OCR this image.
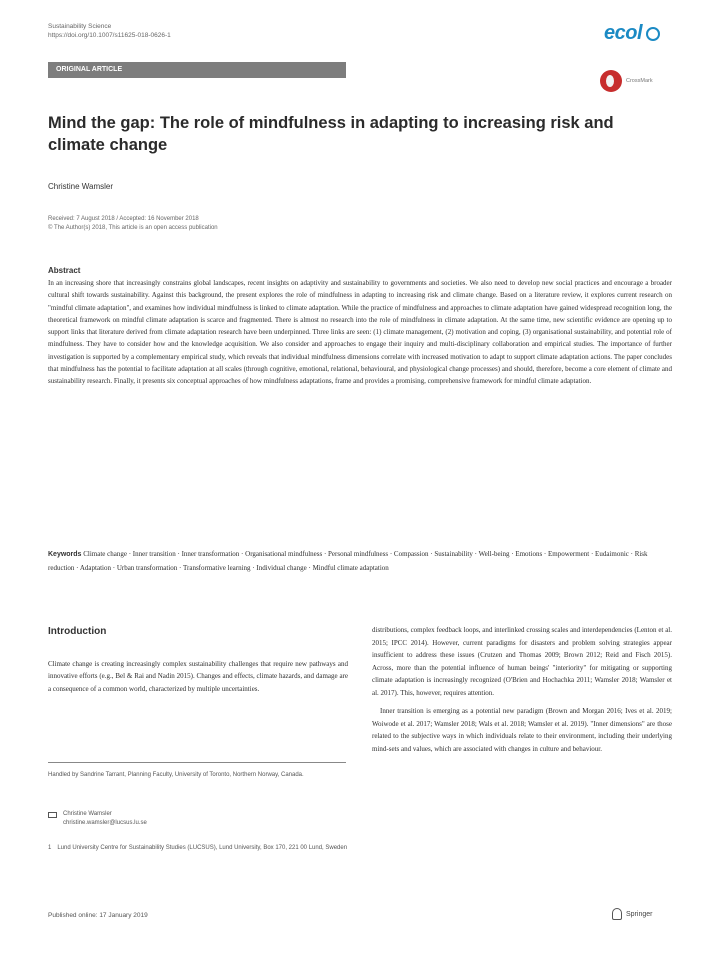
Sustainability Science
https://doi.org/10.1007/s11625-018-0626-1	ecol
ORIGINAL ARTICLE
CrossMark
Mind the gap: The role of mindfulness in adapting to increasing risk and climate change
Christine Wamsler
Received: 7 August 2018 / Accepted: 16 November 2018
© The Author(s) 2018, This article is an open access publication
Abstract
In an increasing shore that increasingly constrains global landscapes, recent insights on adaptivity and sustainability to governments and societies. We also need to develop new social practices and encourage a broader cultural shift towards sustainability. Against this background, the present explores the role of mindfulness in adapting to increasing risk and climate change. Based on a literature review, it explores current research on "mindful climate adaptation", and examines how individual mindfulness is linked to climate adaptation. While the practice of mindfulness and approaches to climate adaptation have gained widespread recognition long, the theoretical framework on mindful climate adaptation is scarce and fragmented. There is almost no research into the role of mindfulness in climate adaptation. At the same time, new scientific evidence are opening up to support links that literature derived from climate adaptation research have been underpinned. Three links are seen: (1) climate management, (2) motivation and coping, (3) organisational sustainability, and potential role of mindfulness. They have to consider how and the knowledge acquisition. We also consider and approaches to engage their inquiry and multi-disciplinary collaboration and empirical studies. The importance of further investigation is supported by a complementary empirical study, which reveals that individual mindfulness dimensions correlate with increased motivation to adapt to support climate adaptation actions. The paper concludes that mindfulness has the potential to facilitate adaptation at all scales (through cognitive, emotional, relational, behavioural, and physiological change processes) and should, therefore, become a core element of climate and sustainability research. Finally, it presents six conceptual approaches of how mindfulness adaptations, frame and provides a promising, comprehensive framework for mindful climate adaptation.
Keywords Climate change · Inner transition · Inner transformation · Organisational mindfulness · Personal mindfulness · Compassion · Sustainability · Well-being · Emotions · Empowerment · Eudaimonic · Risk reduction · Adaptation · Urban transformation · Transformative learning · Individual change · Mindful climate adaptation
Introduction
Climate change is creating increasingly complex sustainability challenges that require new pathways and innovative efforts (e.g., Bel & Rai and Nadin 2015). Changes and effects, climate hazards, and damage are a consequence of a common world, characterized by multiple uncertainties.
Handled by Sandrine Tarrant, Planning Faculty, University of Toronto, Northern Norway, Canada.
Christine Wamsler
christine.wamsler@lucsus.lu.se
1 Lund University Centre for Sustainability Studies (LUCSUS), Lund University, Box 170, 221 00 Lund, Sweden

distributions, complex feedback loops, and interlinked crossing scales and interdependencies (Lenton et al. 2015; IPCC 2014). However, current paradigms for disasters and problem solving strategies appear insufficient to address these issues (Crutzen and Thomas 2009; Brown 2012; Reid and Fisch 2015). Across, more than the potential influence of human beings' "interiority" for mitigating or supporting climate adaptation is increasingly recognized (O'Brien and Hochachka 2011; Wamsler 2018; Wamsler et al. 2017). This, however, requires attention.

Inner transition is emerging as a potential new paradigm (Brown and Morgan 2016; Ives et al. 2019; Woiwode et al. 2017; Wamsler 2018; Wals et al. 2018; Wamsler et al. 2019). "Inner dimensions" are those related to the subjective ways in which individuals relate to their environment, including their underlying mind-sets and values, which are associated with changes in culture and behaviour.

Published online: 17 January 2019	Springer
